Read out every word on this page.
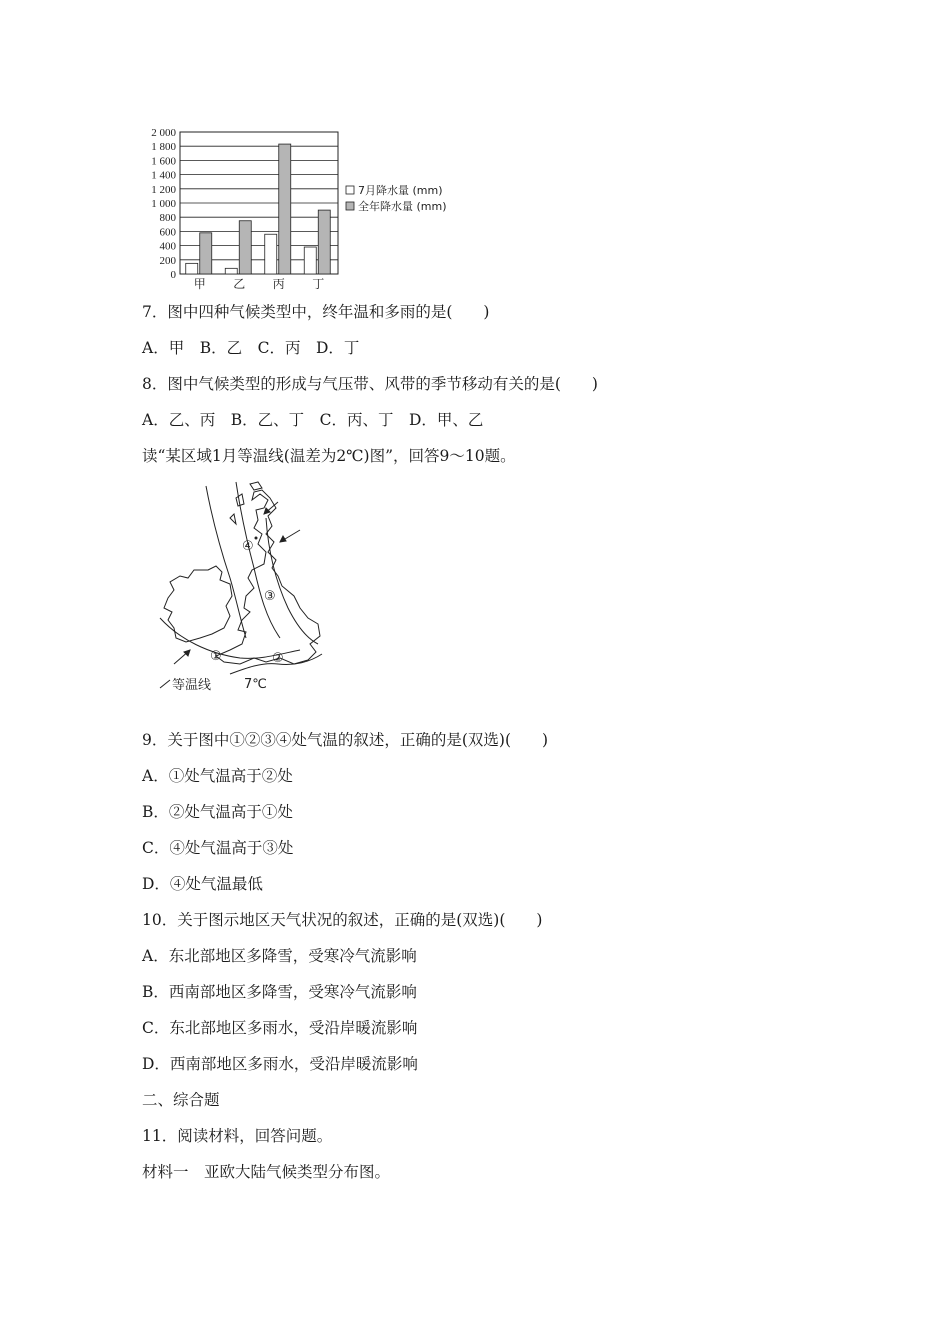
0
200
400
600
800
1 000
1 200
1 400
1 600
1 800
2 000
甲 乙 丙 丁
7月降水量 (mm)
全年降水量 (mm)
7．图中四种气候类型中，终年温和多雨的是(　　)
A．甲　B．乙　C．丙　D．丁
8．图中气候类型的形成与气压带、风带的季节移动有关的是(　　)
A．乙、丙　B．乙、丁　C．丙、丁　D．甲、乙
读“某区域1月等温线(温差为2℃)图”，回答9～10题。
①	②
③
④
等温线	7℃
9．关于图中①②③④处气温的叙述，正确的是(双选)(　　)
A．①处气温高于②处
B．②处气温高于①处
C．④处气温高于③处
D．④处气温最低
10．关于图示地区天气状况的叙述，正确的是(双选)(　　)
A．东北部地区多降雪，受寒冷气流影响
B．西南部地区多降雪，受寒冷气流影响
C．东北部地区多雨水，受沿岸暖流影响
D．西南部地区多雨水，受沿岸暖流影响
二、综合题
11．阅读材料，回答问题。
材料一　亚欧大陆气候类型分布图。
